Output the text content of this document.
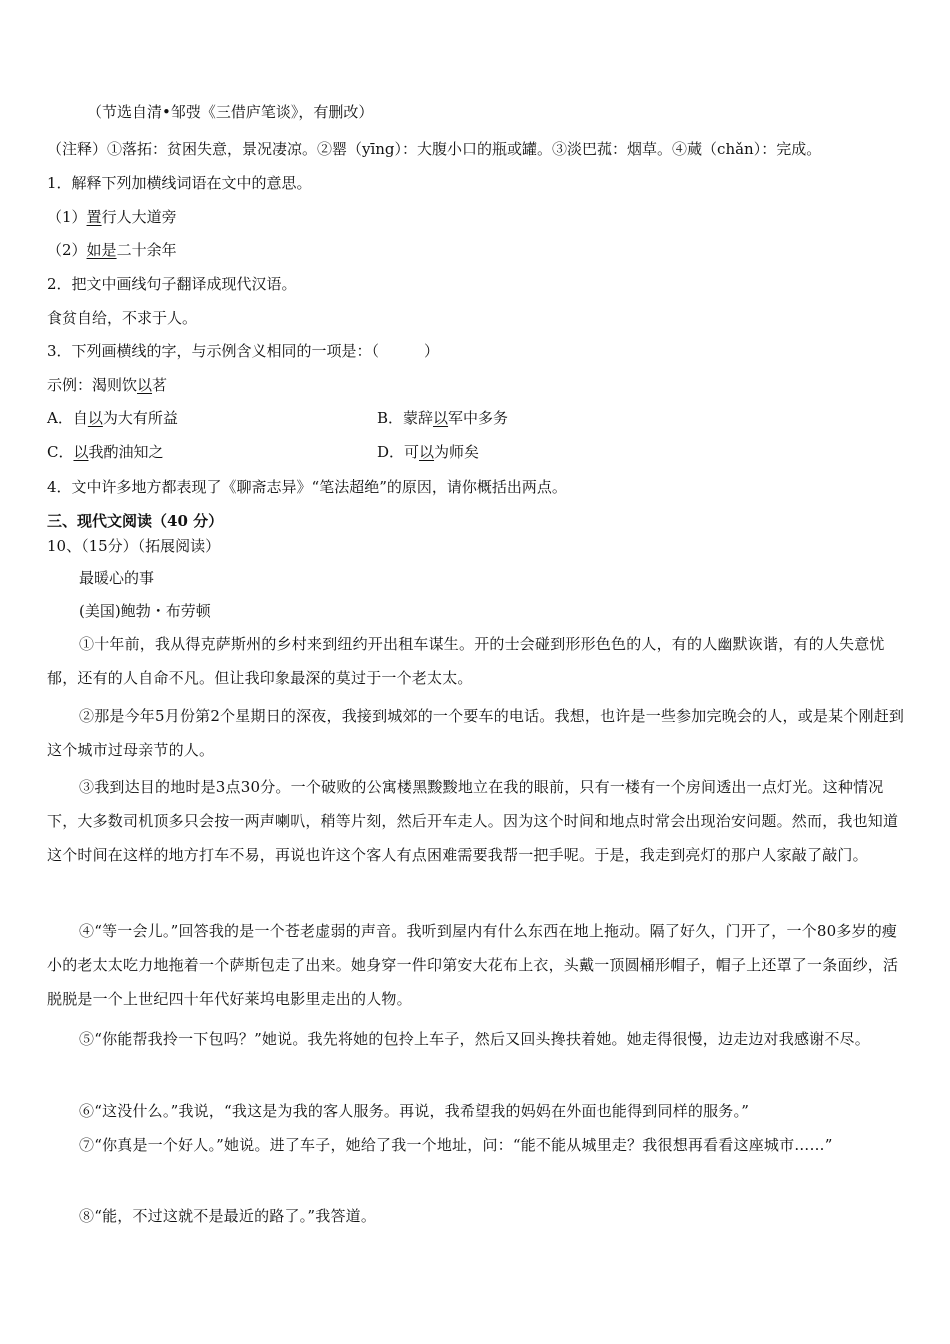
（节选自清•邹弢《三借庐笔谈》，有删改）
（注释）①落拓：贫困失意，景况凄凉。②罂（yīng）：大腹小口的瓶或罐。③淡巴菰：烟草。④蒇（chǎn）：完成。
1．解释下列加横线词语在文中的意思。
（1）置行人大道旁
（2）如是二十余年
2．把文中画线句子翻译成现代汉语。
食贫自给，不求于人。
3．下列画横线的字，与示例含义相同的一项是：（　　　）
示例：渴则饮以茗
A．自以为大有所益	B．蒙辞以军中多务
C．以我酌油知之	D．可以为师矣
4．文中许多地方都表现了《聊斋志异》“笔法超绝”的原因，请你概括出两点。
三、现代文阅读（40 分）
10、（15分）（拓展阅读）
最暖心的事
(美国)鲍勃・布劳顿
①十年前，我从得克萨斯州的乡村来到纽约开出租车谋生。开的士会碰到形形色色的人，有的人幽默诙谐，有的人失意忧郁，还有的人自命不凡。但让我印象最深的莫过于一个老太太。
②那是今年5月份第2个星期日的深夜，我接到城郊的一个要车的电话。我想，也许是一些参加完晚会的人，或是某个刚赶到这个城市过母亲节的人。
③我到达目的地时是3点30分。一个破败的公寓楼黑黢黢地立在我的眼前，只有一楼有一个房间透出一点灯光。这种情况下，大多数司机顶多只会按一两声喇叭，稍等片刻，然后开车走人。因为这个时间和地点时常会出现治安问题。然而，我也知道这个时间在这样的地方打车不易，再说也许这个客人有点困难需要我帮一把手呢。于是，我走到亮灯的那户人家敲了敲门。
④“等一会儿。”回答我的是一个苍老虚弱的声音。我听到屋内有什么东西在地上拖动。隔了好久，门开了，一个80多岁的瘦小的老太太吃力地拖着一个萨斯包走了出来。她身穿一件印第安大花布上衣，头戴一顶圆桶形帽子，帽子上还罩了一条面纱，活脱脱是一个上世纪四十年代好莱坞电影里走出的人物。
⑤“你能帮我拎一下包吗？”她说。我先将她的包拎上车子，然后又回头搀扶着她。她走得很慢，边走边对我感谢不尽。
⑥“这没什么。”我说，“我这是为我的客人服务。再说，我希望我的妈妈在外面也能得到同样的服务。”
⑦“你真是一个好人。”她说。进了车子，她给了我一个地址，问：“能不能从城里走？我很想再看看这座城市……”
⑧“能，不过这就不是最近的路了。”我答道。
